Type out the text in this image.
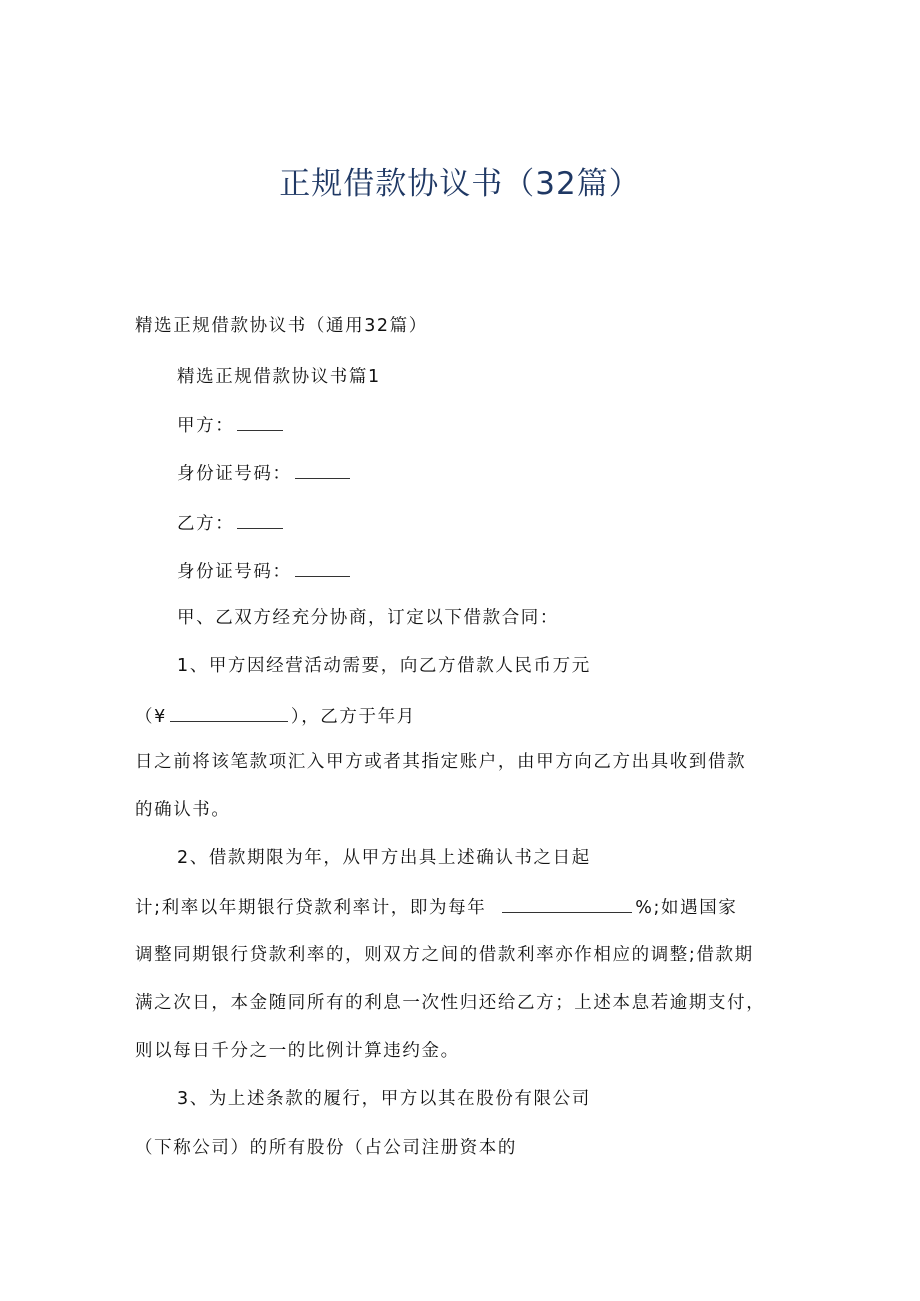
正规借款协议书（32篇）
精选正规借款协议书（通用32篇）
精选正规借款协议书篇1
甲方：
身份证号码：
乙方：
身份证号码：
甲、乙双方经充分协商，订定以下借款合同：
1、甲方因经营活动需要，向乙方借款人民币万元
（¥	），乙方于年月
日之前将该笔款项汇入甲方或者其指定账户，由甲方向乙方出具收到借款
的确认书。
2、借款期限为年，从甲方出具上述确认书之日起
计;利率以年期银行贷款利率计，即为每年	%;如遇国家
调整同期银行贷款利率的，则双方之间的借款利率亦作相应的调整;借款期
满之次日，本金随同所有的利息一次性归还给乙方；上述本息若逾期支付，
则以每日千分之一的比例计算违约金。
3、为上述条款的履行，甲方以其在股份有限公司
（下称公司）的所有股份（占公司注册资本的
